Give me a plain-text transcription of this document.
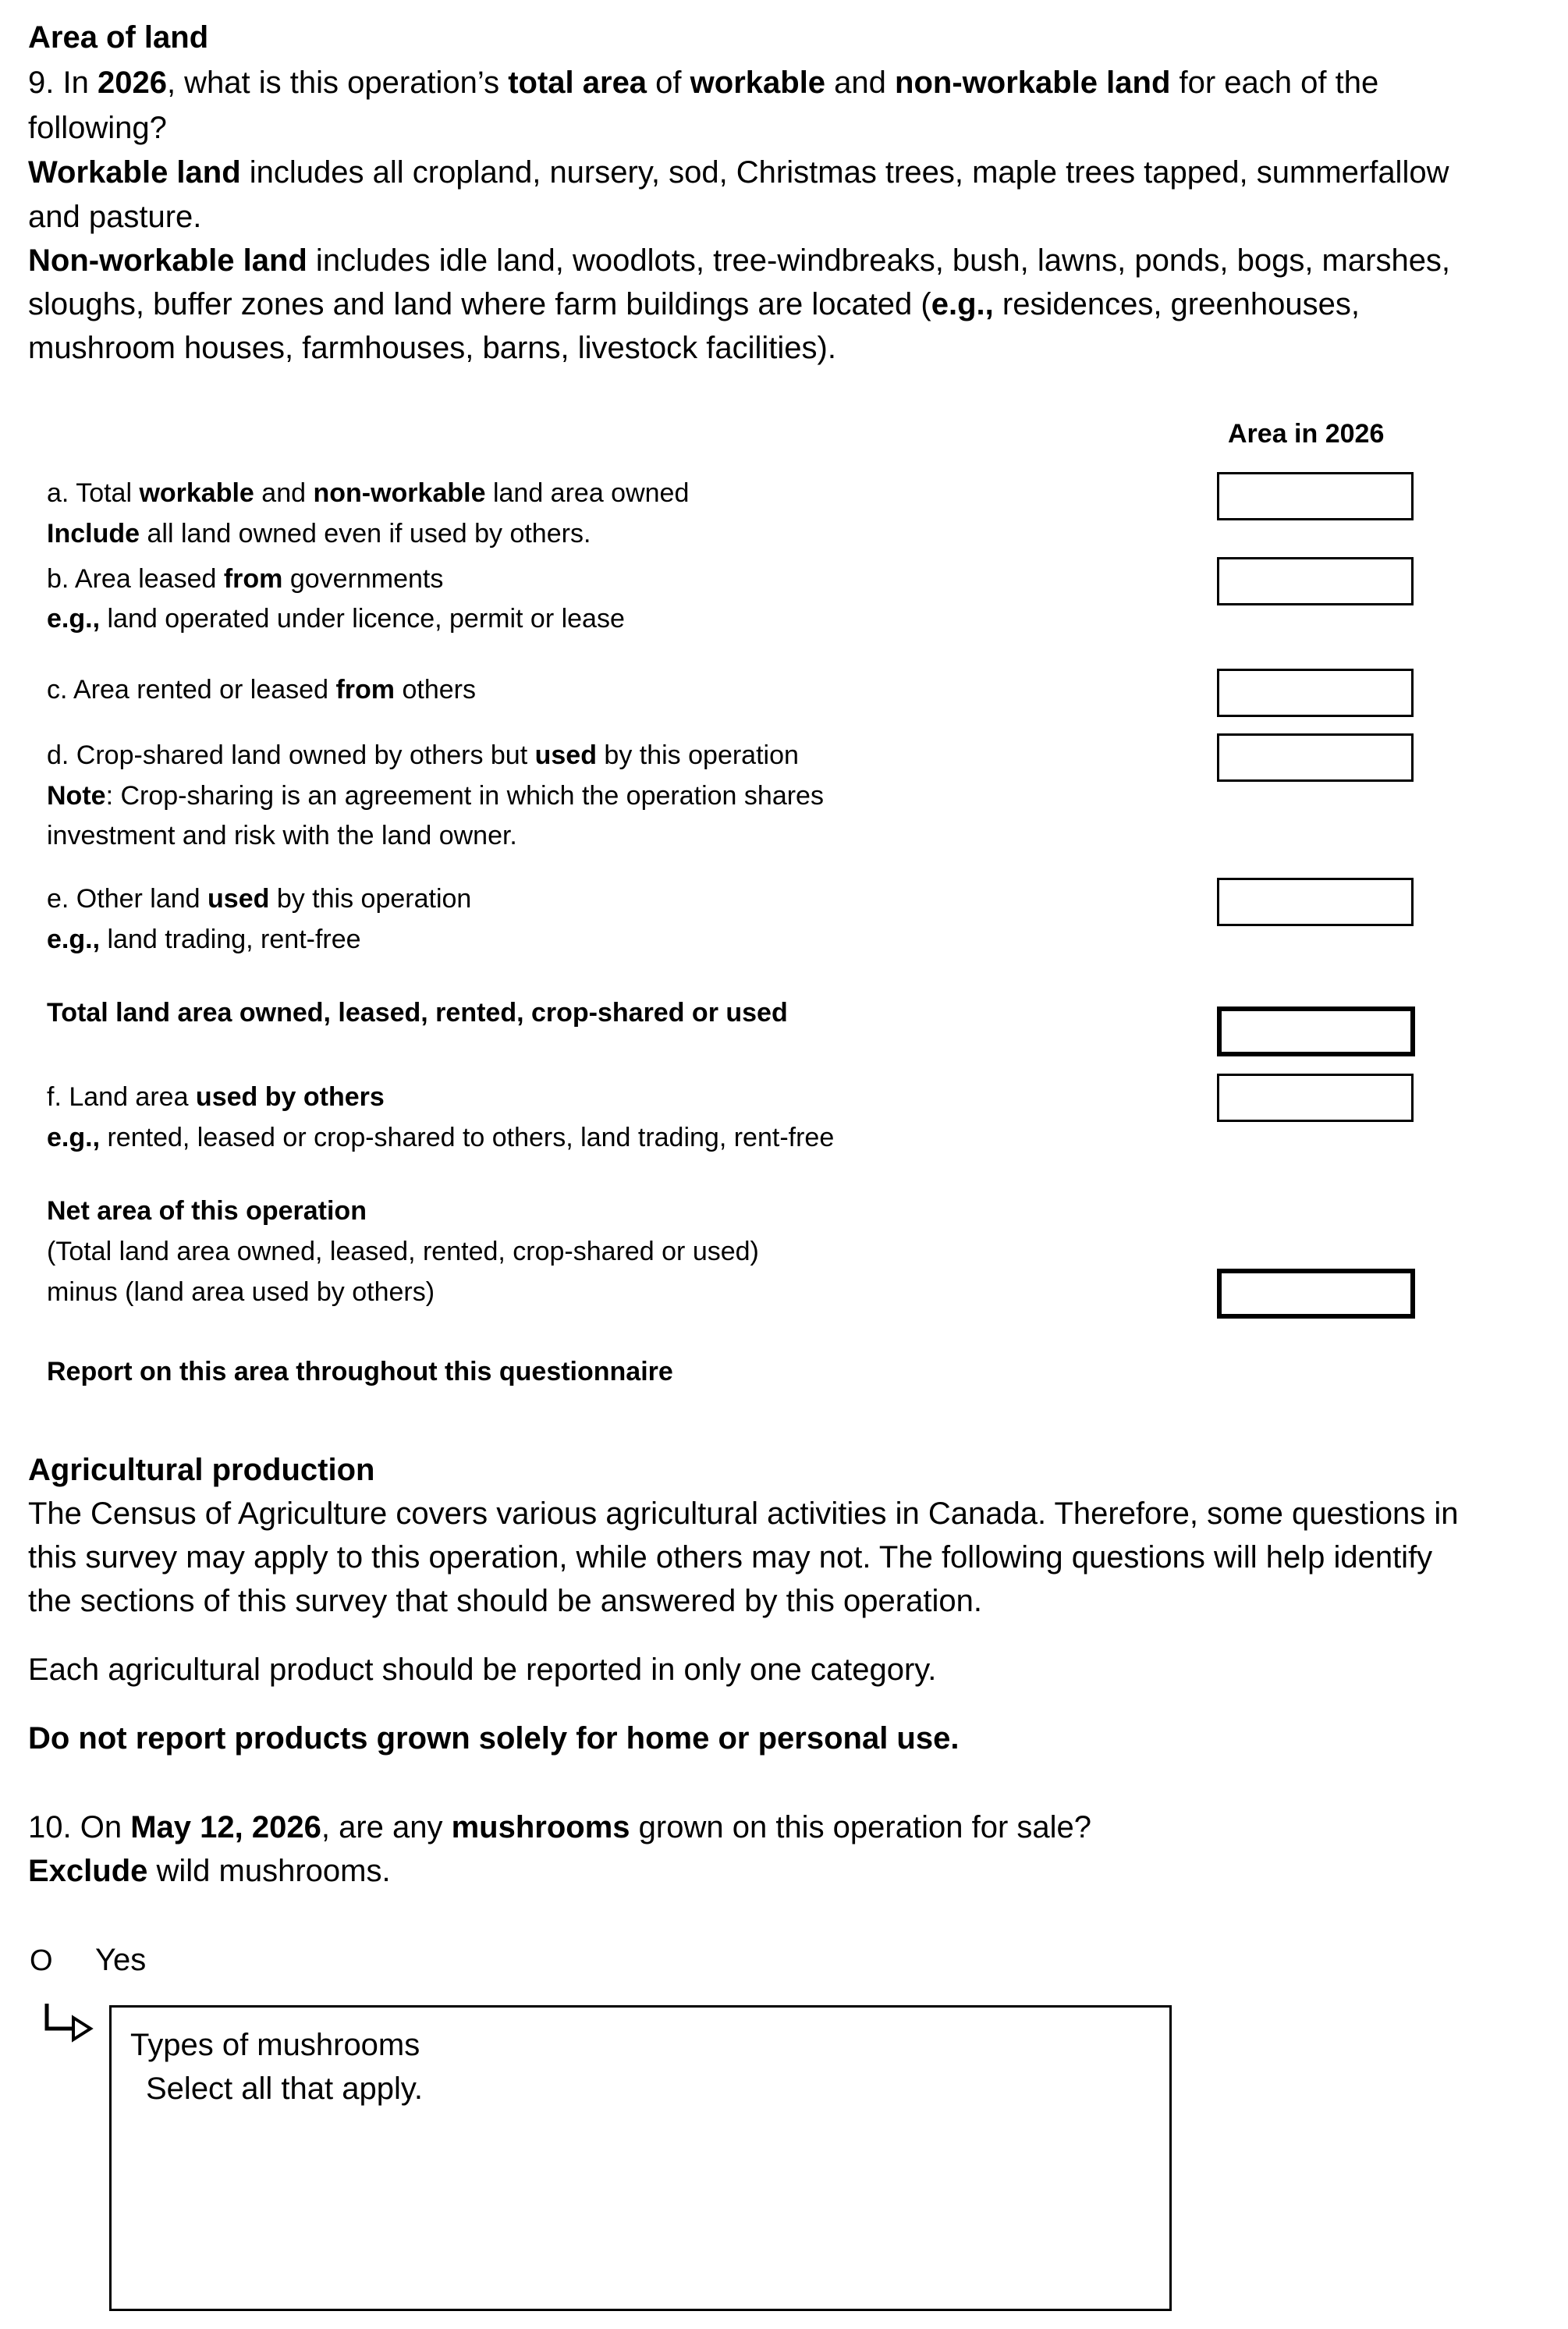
Area of land
9. In 2026, what is this operation’s total area of workable and non-workable land for each of the
following?
Workable land includes all cropland, nursery, sod, Christmas trees, maple trees tapped, summerfallow
and pasture.
Non-workable land includes idle land, woodlots, tree-windbreaks, bush, lawns, ponds, bogs, marshes,
sloughs, buffer zones and land where farm buildings are located (e.g., residences, greenhouses,
mushroom houses, farmhouses, barns, livestock facilities).
Area in 2026
a. Total workable and non-workable land area owned
Include all land owned even if used by others.
b. Area leased from governments
e.g., land operated under licence, permit or lease
c. Area rented or leased from others
d. Crop-shared land owned by others but used by this operation
Note: Crop-sharing is an agreement in which the operation shares
investment and risk with the land owner.
e. Other land used by this operation
e.g., land trading, rent-free
Total land area owned, leased, rented, crop-shared or used
f. Land area used by others
e.g., rented, leased or crop-shared to others, land trading, rent-free
Net area of this operation
(Total land area owned, leased, rented, crop-shared or used)
minus (land area used by others)
Report on this area throughout this questionnaire
Agricultural production
The Census of Agriculture covers various agricultural activities in Canada. Therefore, some questions in
this survey may apply to this operation, while others may not. The following questions will help identify
the sections of this survey that should be answered by this operation.
Each agricultural product should be reported in only one category.
Do not report products grown solely for home or personal use.
10. On May 12, 2026, are any mushrooms grown on this operation for sale?
Exclude wild mushrooms.
O Yes
Types of mushrooms
Select all that apply.
